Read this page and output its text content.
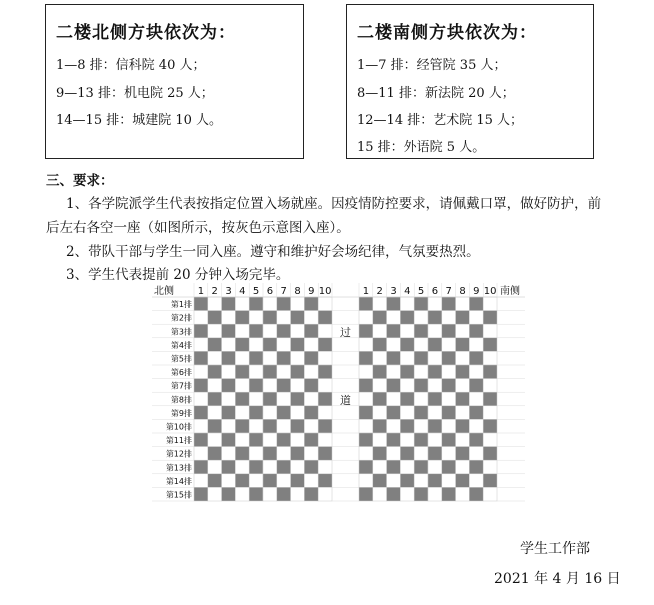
二楼北侧方块依次为：
1—8 排：信科院 40 人；
9—13 排：机电院 25 人；
14—15 排：城建院 10 人。
二楼南侧方块依次为：
1—7 排：经管院 35 人；
8—11 排：新法院 20 人；
12—14 排：艺术院 15 人；
15 排：外语院 5 人。
三、要求：
1、各学院派学生代表按指定位置入场就座。因疫情防控要求，请佩戴口罩，做好防护，前
后左右各空一座（如图所示，按灰色示意图入座）。
2、带队干部与学生一同入座。遵守和维护好会场纪律，气氛要热烈。
3、学生代表提前 20 分钟入场完毕。
北侧	南侧
1	1
2	2
3	3
4	4
5	5
6	6
7	7
8	8
9	9
10	10
第1排
第2排
第3排
第4排
第5排
第6排
第7排
第8排
第9排
第10排
第11排
第12排
第13排
第14排
第15排
过
道
学生工作部
2021 年 4 月 16 日
